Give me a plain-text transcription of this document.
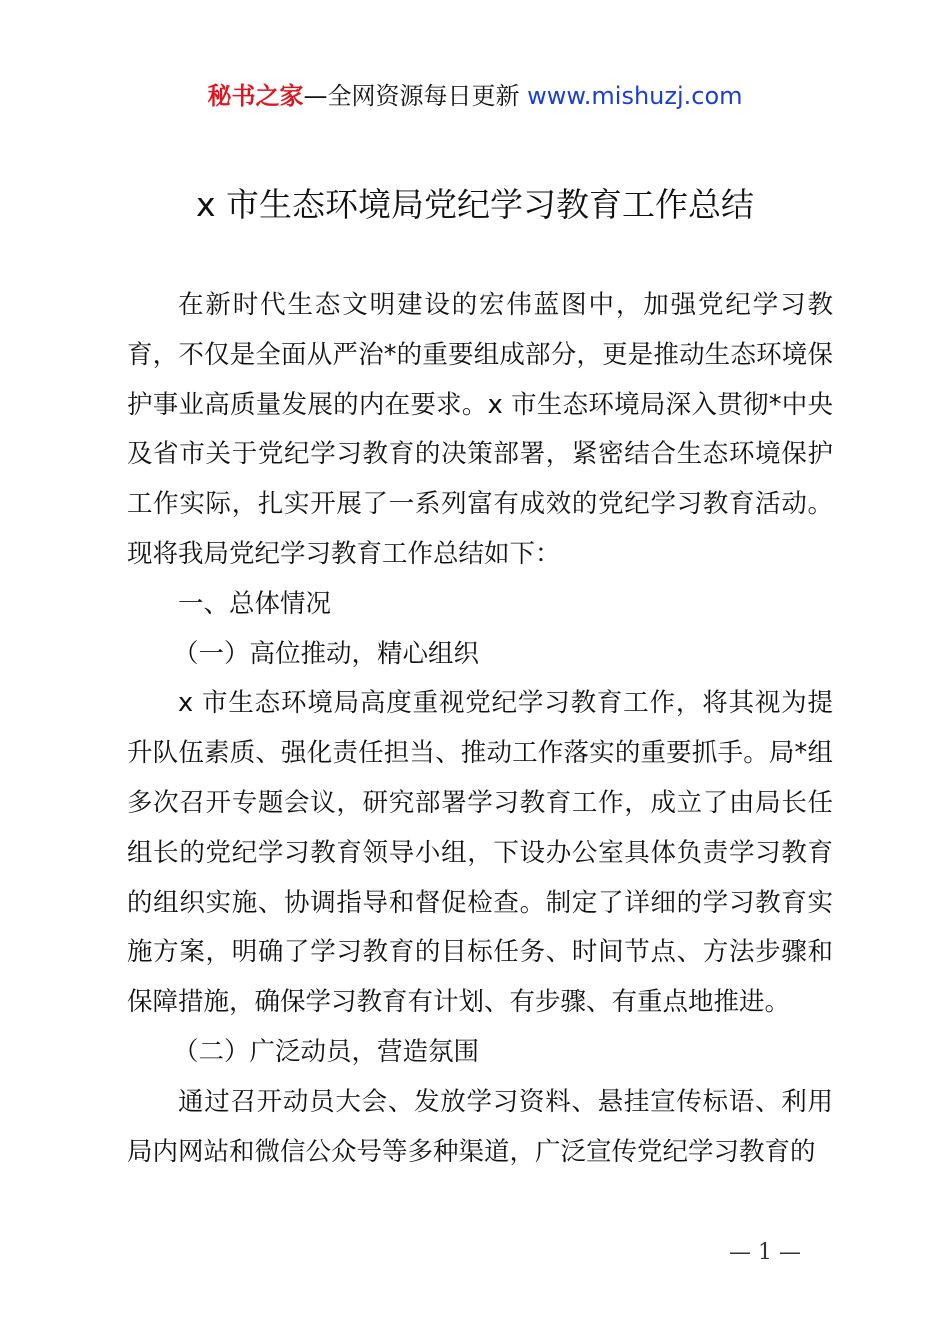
秘书之家—全网资源每日更新 www.mishuzj.com
x 市生态环境局党纪学习教育工作总结

在新时代生态文明建设的宏伟蓝图中，加强党纪学习教育，不仅是全面从严治*的重要组成部分，更是推动生态环境保护事业高质量发展的内在要求。x 市生态环境局深入贯彻*中央及省市关于党纪学习教育的决策部署，紧密结合生态环境保护工作实际，扎实开展了一系列富有成效的党纪学习教育活动。现将我局党纪学习教育工作总结如下：

一、总体情况

（一）高位推动，精心组织

x 市生态环境局高度重视党纪学习教育工作，将其视为提升队伍素质、强化责任担当、推动工作落实的重要抓手。局*组多次召开专题会议，研究部署学习教育工作，成立了由局长任组长的党纪学习教育领导小组，下设办公室具体负责学习教育的组织实施、协调指导和督促检查。制定了详细的学习教育实施方案，明确了学习教育的目标任务、时间节点、方法步骤和保障措施，确保学习教育有计划、有步骤、有重点地推进。

（二）广泛动员，营造氛围

通过召开动员大会、发放学习资料、悬挂宣传标语、利用局内网站和微信公众号等多种渠道，广泛宣传党纪学习教育的

— 1 —
